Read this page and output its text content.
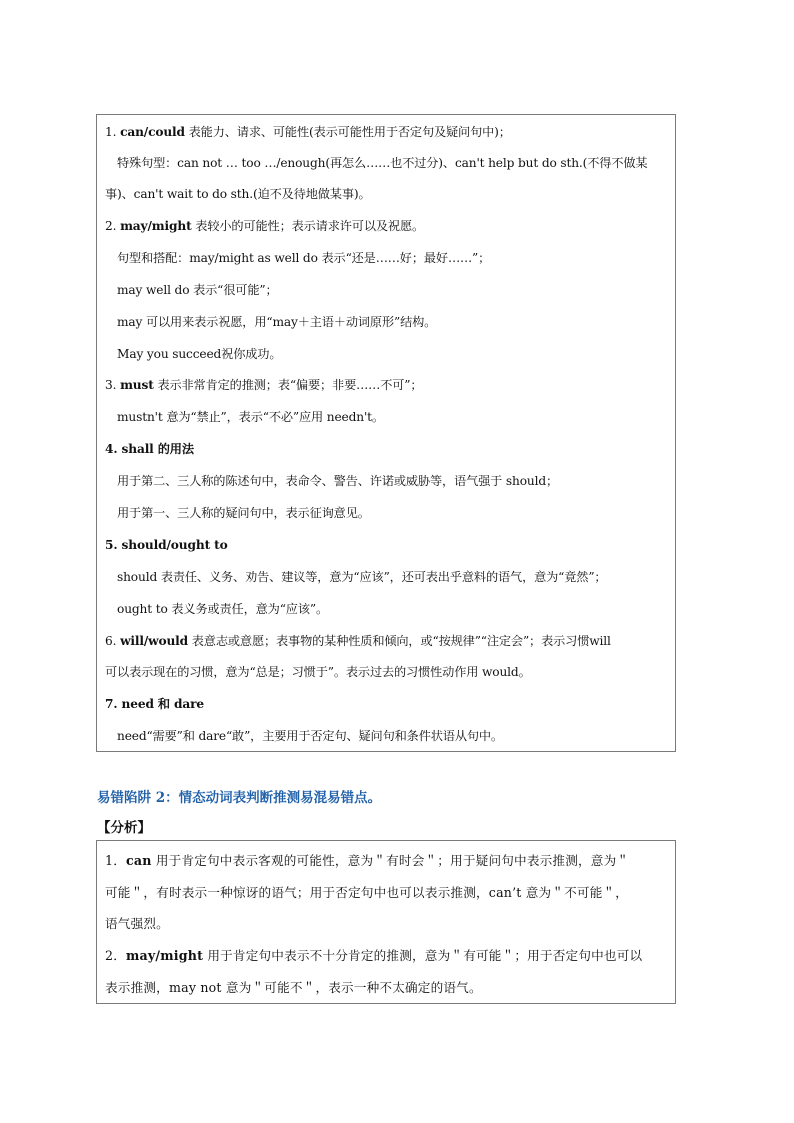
1. can/could 表能力、请求、可能性(表示可能性用于否定句及疑问句中)；
特殊句型：can not … too …/enough(再怎么……也不过分)、can't help but do sth.(不得不做某
事)、can't wait to do sth.(迫不及待地做某事)。
2. may/might 表较小的可能性；表示请求许可以及祝愿。
句型和搭配：may/might as well do 表示“还是……好；最好……”；
may well do 表示“很可能”；
may 可以用来表示祝愿，用“may＋主语＋动词原形”结构。
May you succeed祝你成功。
3. must 表示非常肯定的推测；表“偏要；非要……不可”；
mustn't 意为“禁止”，表示“不必”应用 needn't。
4. shall 的用法
用于第二、三人称的陈述句中，表命令、警告、许诺或威胁等，语气强于 should；
用于第一、三人称的疑问句中，表示征询意见。
5. should/ought to
should 表责任、义务、劝告、建议等，意为“应该”，还可表出乎意料的语气，意为“竟然”；
ought to 表义务或责任，意为“应该”。
6. will/would 表意志或意愿；表事物的某种性质和倾向，或“按规律”“注定会”；表示习惯will
可以表示现在的习惯，意为“总是；习惯于”。表示过去的习惯性动作用 would。
7. need 和 dare
need“需要”和 dare“敢”，主要用于否定句、疑问句和条件状语从句中。
易错陷阱 2：情态动词表判断推测易混易错点。
【分析】
1．can 用于肯定句中表示客观的可能性，意为＂有时会＂；用于疑问句中表示推测，意为＂
可能＂，有时表示一种惊讶的语气；用于否定句中也可以表示推测，can’t 意为＂不可能＂，
语气强烈。
2．may/might 用于肯定句中表示不十分肯定的推测，意为＂有可能＂；用于否定句中也可以
表示推测，may not 意为＂可能不＂，表示一种不太确定的语气。
